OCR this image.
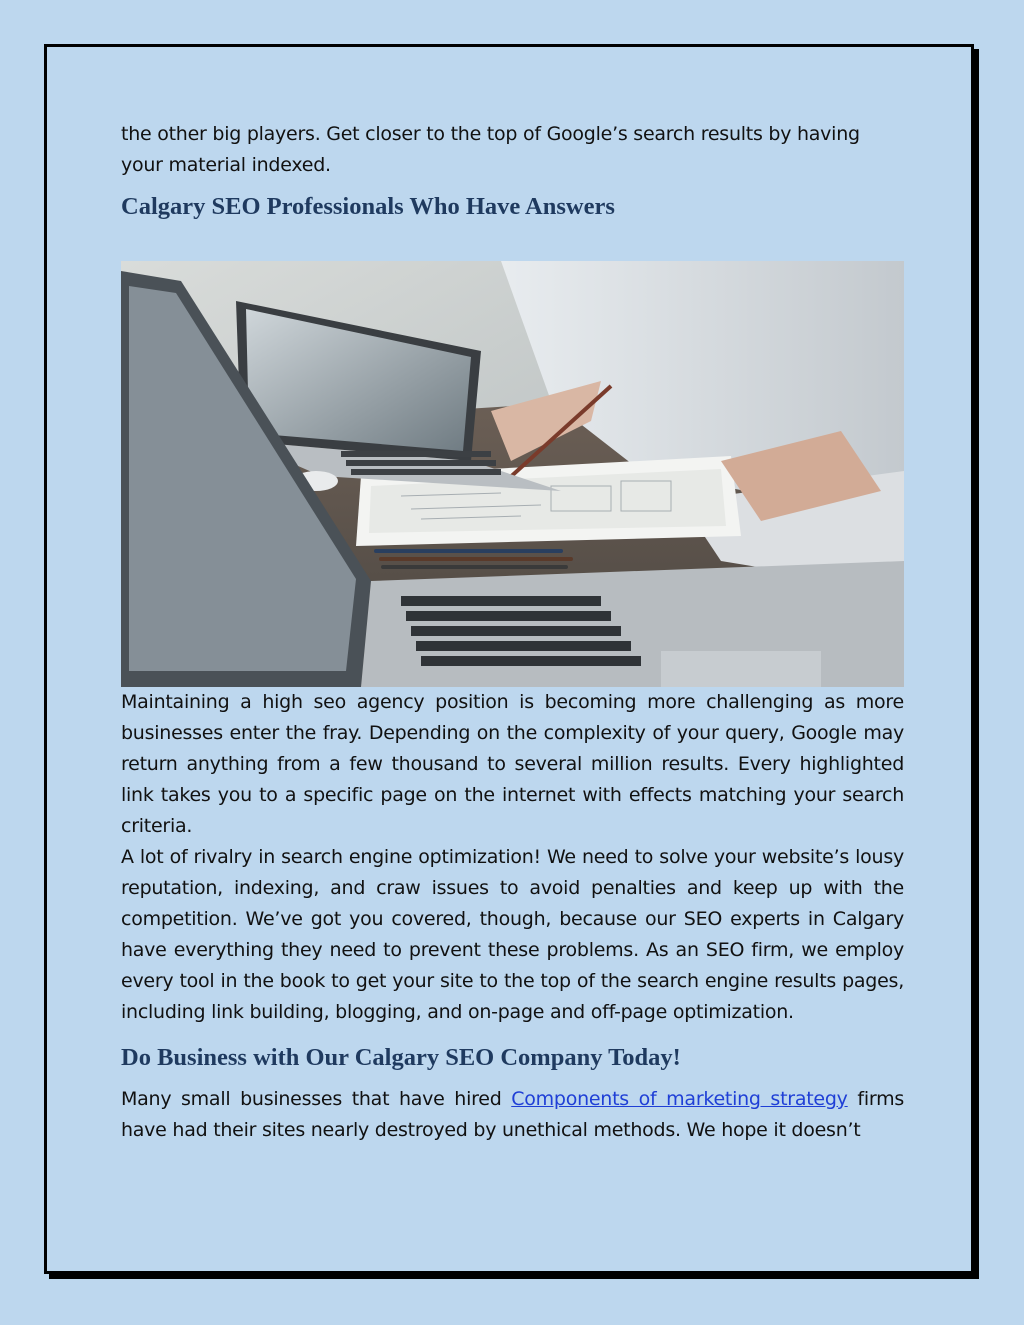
the other big players. Get closer to the top of Google’s search results by having your material indexed.

Calgary SEO Professionals Who Have Answers

Maintaining a high seo agency position is becoming more challenging as more businesses enter the fray. Depending on the complexity of your query, Google may return anything from a few thousand to several million results. Every highlighted link takes you to a specific page on the internet with effects matching your search criteria.

A lot of rivalry in search engine optimization! We need to solve your website’s lousy reputation, indexing, and craw issues to avoid penalties and keep up with the competition. We’ve got you covered, though, because our SEO experts in Calgary have everything they need to prevent these problems. As an SEO firm, we employ every tool in the book to get your site to the top of the search engine results pages, including link building, blogging, and on-page and off-page optimization.

Do Business with Our Calgary SEO Company Today!

Many small businesses that have hired Components of marketing strategy firms have had their sites nearly destroyed by unethical methods. We hope it doesn’t
